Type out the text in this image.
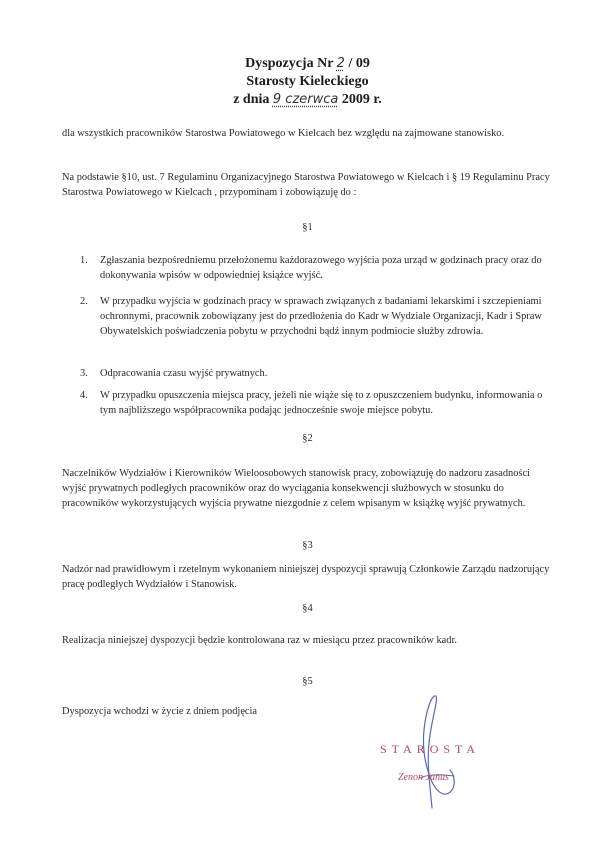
Dyspozycja Nr 2 / 09
Starosty Kieleckiego
z dnia 9 czerwca 2009 r.

dla wszystkich pracowników Starostwa Powiatowego w Kielcach bez względu na zajmowane stanowisko.

Na podstawie §10, ust. 7 Regulaminu Organizacyjnego Starostwa Powiatowego w Kielcach i § 19 Regulaminu Pracy Starostwa Powiatowego w Kielcach , przypominam i zobowiązuję do :

§1
1.	Zgłaszania bezpośredniemu przełożonemu każdorazowego wyjścia poza urząd w godzinach pracy oraz do dokonywania wpisów w odpowiedniej książce wyjść.
2.	W przypadku wyjścia w godzinach pracy w sprawach związanych z badaniami lekarskimi i szczepieniami ochronnymi, pracownik zobowiązany jest do przedłożenia do Kadr w Wydziale Organizacji, Kadr i Spraw Obywatelskich poświadczenia pobytu w przychodni bądź innym podmiocie służby zdrowia.
3.	Odpracowania czasu wyjść prywatnych.
4.	W przypadku opuszczenia miejsca pracy, jeżeli nie wiąże się to z opuszczeniem budynku, informowania o tym najbliższego współpracownika podając jednocześnie swoje miejsce pobytu.
§2

Naczelników Wydziałów i Kierowników Wieloosobowych stanowisk pracy, zobowiązuję do nadzoru zasadności wyjść prywatnych podległych pracowników oraz do wyciągania konsekwencji służbowych w stosunku do pracowników wykorzystujących wyjścia prywatne niezgodnie z celem wpisanym w książkę wyjść prywatnych.

§3

Nadzór nad prawidłowym i rzetelnym wykonaniem niniejszej dyspozycji sprawują Członkowie Zarządu nadzorujący pracę podległych Wydziałów i Stanowisk.

§4

Realizacja niniejszej dyspozycji będzie kontrolowana raz w miesiącu przez pracowników kadr.

§5

Dyspozycja wchodzi w życie z dniem podjęcia

STAROSTA
Zenon Janus
